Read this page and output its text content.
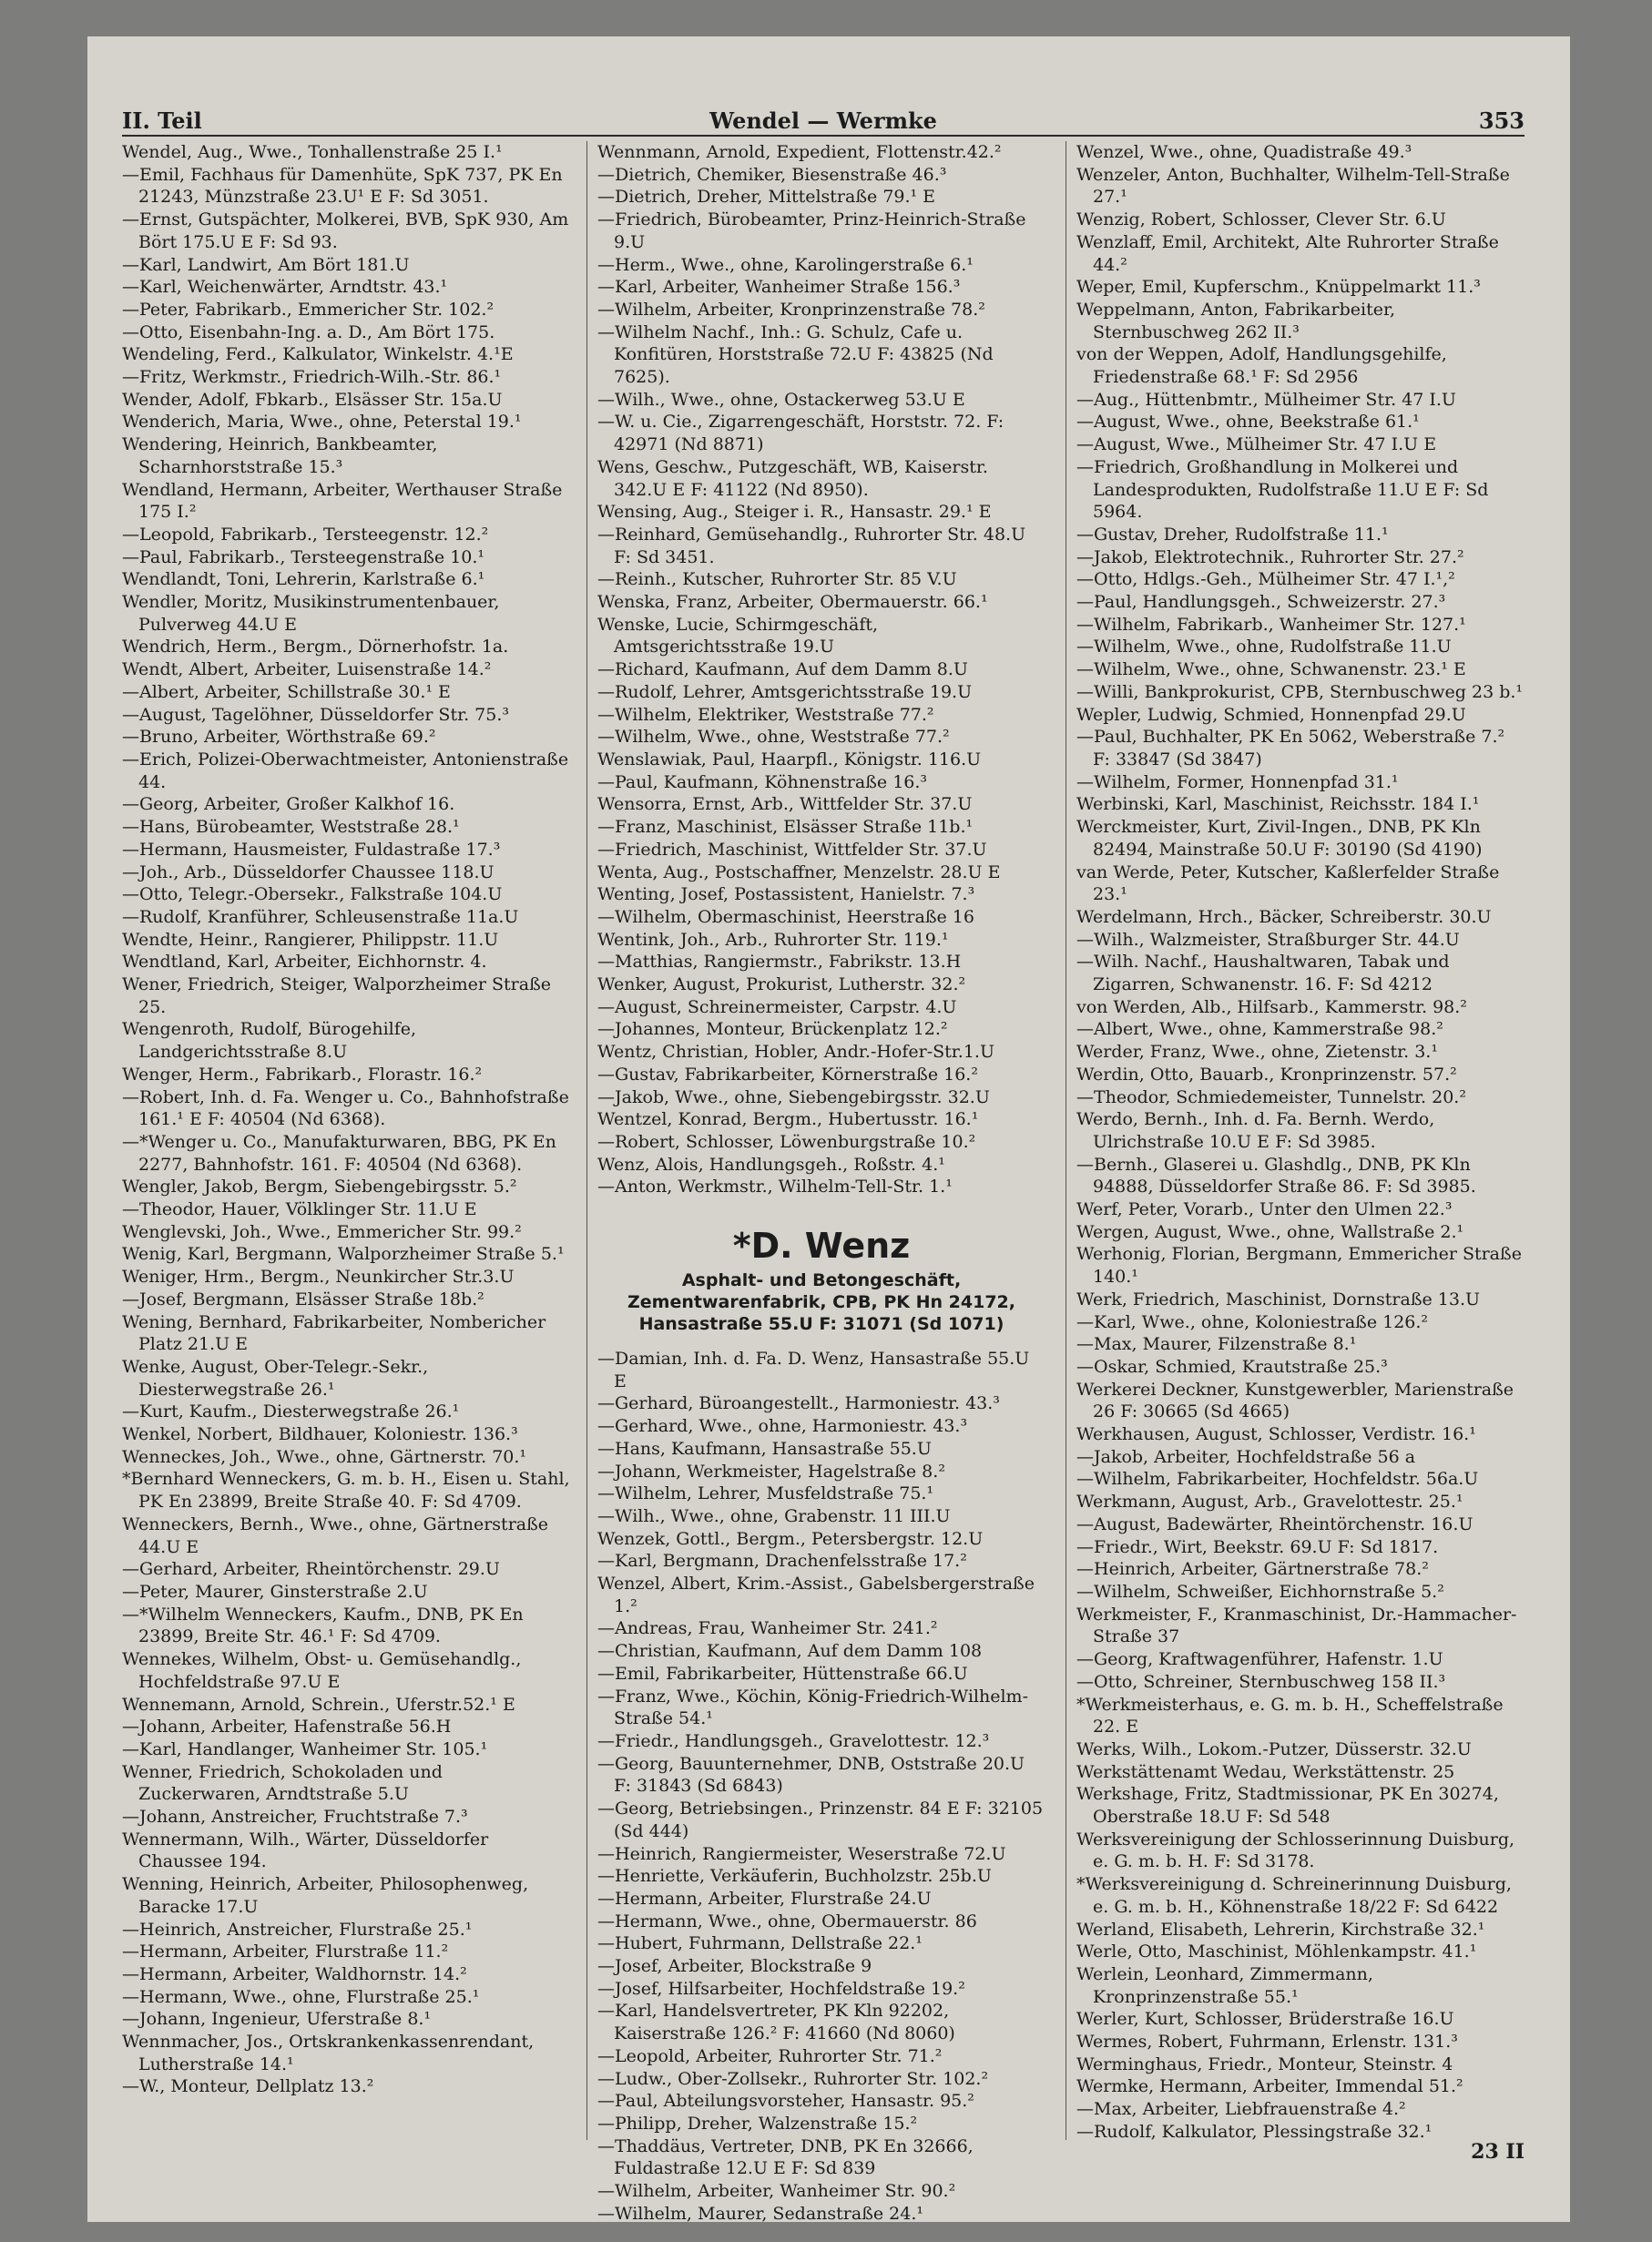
Wendel — Wermke
II. Teil	353
Wendel, Aug., Wwe., Tonhallenstraße 25 I.¹
—Emil, Fachhaus für Damenhüte, SpK 737, PK En 21243, Münzstraße 23.U¹ E F: Sd 3051.
—Ernst, Gutspächter, Molkerei, BVB, SpK 930, Am Bört 175.U E F: Sd 93.
—Karl, Landwirt, Am Bört 181.U
—Karl, Weichenwärter, Arndtstr. 43.¹
—Peter, Fabrikarb., Emmericher Str. 102.²
—Otto, Eisenbahn-Ing. a. D., Am Bört 175.
Wendeling, Ferd., Kalkulator, Winkelstr. 4.¹E
—Fritz, Werkmstr., Friedrich-Wilh.-Str. 86.¹
Wender, Adolf, Fbkarb., Elsässer Str. 15a.U
Wenderich, Maria, Wwe., ohne, Peterstal 19.¹
Wendering, Heinrich, Bankbeamter, Scharnhorststraße 15.³
Wendland, Hermann, Arbeiter, Werthauser Straße 175 I.²
—Leopold, Fabrikarb., Tersteegenstr. 12.²
—Paul, Fabrikarb., Tersteegenstraße 10.¹
Wendlandt, Toni, Lehrerin, Karlstraße 6.¹
Wendler, Moritz, Musikinstrumentenbauer, Pulverweg 44.U E
Wendrich, Herm., Bergm., Dörnerhofstr. 1a.
Wendt, Albert, Arbeiter, Luisenstraße 14.²
—Albert, Arbeiter, Schillstraße 30.¹ E
—August, Tagelöhner, Düsseldorfer Str. 75.³
—Bruno, Arbeiter, Wörthstraße 69.²
—Erich, Polizei-Oberwachtmeister, Antonienstraße 44.
—Georg, Arbeiter, Großer Kalkhof 16.
—Hans, Bürobeamter, Weststraße 28.¹
—Hermann, Hausmeister, Fuldastraße 17.³
—Joh., Arb., Düsseldorfer Chaussee 118.U
—Otto, Telegr.-Obersekr., Falkstraße 104.U
—Rudolf, Kranführer, Schleusenstraße 11a.U
Wendte, Heinr., Rangierer, Philippstr. 11.U
Wendtland, Karl, Arbeiter, Eichhornstr. 4.
Wener, Friedrich, Steiger, Walporzheimer Straße 25.
Wengenroth, Rudolf, Bürogehilfe, Landgerichtsstraße 8.U
Wenger, Herm., Fabrikarb., Florastr. 16.²
—Robert, Inh. d. Fa. Wenger u. Co., Bahnhofstraße 161.¹ E F: 40504 (Nd 6368).
—*Wenger u. Co., Manufakturwaren, BBG, PK En 2277, Bahnhofstr. 161. F: 40504 (Nd 6368).
Wengler, Jakob, Bergm, Siebengebirgsstr. 5.²
—Theodor, Hauer, Völklinger Str. 11.U E
Wenglevski, Joh., Wwe., Emmericher Str. 99.²
Wenig, Karl, Bergmann, Walporzheimer Straße 5.¹
Weniger, Hrm., Bergm., Neunkircher Str.3.U
—Josef, Bergmann, Elsässer Straße 18b.²
Wening, Bernhard, Fabrikarbeiter, Nombericher Platz 21.U E
Wenke, August, Ober-Telegr.-Sekr., Diesterwegstraße 26.¹
—Kurt, Kaufm., Diesterwegstraße 26.¹
Wenkel, Norbert, Bildhauer, Koloniestr. 136.³
Wenneckes, Joh., Wwe., ohne, Gärtnerstr. 70.¹
*Bernhard Wenneckers, G. m. b. H., Eisen u. Stahl, PK En 23899, Breite Straße 40. F: Sd 4709.
Wenneckers, Bernh., Wwe., ohne, Gärtnerstraße 44.U E
—Gerhard, Arbeiter, Rheintörchenstr. 29.U
—Peter, Maurer, Ginsterstraße 2.U
—*Wilhelm Wenneckers, Kaufm., DNB, PK En 23899, Breite Str. 46.¹ F: Sd 4709.
Wennekes, Wilhelm, Obst- u. Gemüsehandlg., Hochfeldstraße 97.U E
Wennemann, Arnold, Schrein., Uferstr.52.¹ E
—Johann, Arbeiter, Hafenstraße 56.H
—Karl, Handlanger, Wanheimer Str. 105.¹
Wenner, Friedrich, Schokoladen und Zuckerwaren, Arndtstraße 5.U
—Johann, Anstreicher, Fruchtstraße 7.³
Wennermann, Wilh., Wärter, Düsseldorfer Chaussee 194.
Wenning, Heinrich, Arbeiter, Philosophenweg, Baracke 17.U
—Heinrich, Anstreicher, Flurstraße 25.¹
—Hermann, Arbeiter, Flurstraße 11.²
—Hermann, Arbeiter, Waldhornstr. 14.²
—Hermann, Wwe., ohne, Flurstraße 25.¹
—Johann, Ingenieur, Uferstraße 8.¹
Wennmacher, Jos., Ortskrankenkassenrendant, Lutherstraße 14.¹
—W., Monteur, Dellplatz 13.²
Wennmann, Arnold, Expedient, Flottenstr.42.²
—Dietrich, Chemiker, Biesenstraße 46.³
—Dietrich, Dreher, Mittelstraße 79.¹ E
—Friedrich, Bürobeamter, Prinz-Heinrich-Straße 9.U
—Herm., Wwe., ohne, Karolingerstraße 6.¹
—Karl, Arbeiter, Wanheimer Straße 156.³
—Wilhelm, Arbeiter, Kronprinzenstraße 78.²
—Wilhelm Nachf., Inh.: G. Schulz, Cafe u. Konfitüren, Horststraße 72.U F: 43825 (Nd 7625).
—Wilh., Wwe., ohne, Ostackerweg 53.U E
—W. u. Cie., Zigarrengeschäft, Horststr. 72. F: 42971 (Nd 8871)
Wens, Geschw., Putzgeschäft, WB, Kaiserstr. 342.U E F: 41122 (Nd 8950).
Wensing, Aug., Steiger i. R., Hansastr. 29.¹ E
—Reinhard, Gemüsehandlg., Ruhrorter Str. 48.U F: Sd 3451.
—Reinh., Kutscher, Ruhrorter Str. 85 V.U
Wenska, Franz, Arbeiter, Obermauerstr. 66.¹
Wenske, Lucie, Schirmgeschäft, Amtsgerichtsstraße 19.U
—Richard, Kaufmann, Auf dem Damm 8.U
—Rudolf, Lehrer, Amtsgerichtsstraße 19.U
—Wilhelm, Elektriker, Weststraße 77.²
—Wilhelm, Wwe., ohne, Weststraße 77.²
Wenslawiak, Paul, Haarpfl., Königstr. 116.U
—Paul, Kaufmann, Köhnenstraße 16.³
Wensorra, Ernst, Arb., Wittfelder Str. 37.U
—Franz, Maschinist, Elsässer Straße 11b.¹
—Friedrich, Maschinist, Wittfelder Str. 37.U
Wenta, Aug., Postschaffner, Menzelstr. 28.U E
Wenting, Josef, Postassistent, Hanielstr. 7.³
—Wilhelm, Obermaschinist, Heerstraße 16
Wentink, Joh., Arb., Ruhrorter Str. 119.¹
—Matthias, Rangiermstr., Fabrikstr. 13.H
Wenker, August, Prokurist, Lutherstr. 32.²
—August, Schreinermeister, Carpstr. 4.U
—Johannes, Monteur, Brückenplatz 12.²
Wentz, Christian, Hobler, Andr.-Hofer-Str.1.U
—Gustav, Fabrikarbeiter, Körnerstraße 16.²
—Jakob, Wwe., ohne, Siebengebirgsstr. 32.U
Wentzel, Konrad, Bergm., Hubertusstr. 16.¹
—Robert, Schlosser, Löwenburgstraße 10.²
Wenz, Alois, Handlungsgeh., Roßstr. 4.¹
—Anton, Werkmstr., Wilhelm-Tell-Str. 1.¹
*D. Wenz
Asphalt- und Betongeschäft,
Zementwarenfabrik, CPB, PK Hn 24172,
Hansastraße 55.U F: 31071 (Sd 1071)
—Damian, Inh. d. Fa. D. Wenz, Hansastraße 55.U E
—Gerhard, Büroangestellt., Harmoniestr. 43.³
—Gerhard, Wwe., ohne, Harmoniestr. 43.³
—Hans, Kaufmann, Hansastraße 55.U
—Johann, Werkmeister, Hagelstraße 8.²
—Wilhelm, Lehrer, Musfeldstraße 75.¹
—Wilh., Wwe., ohne, Grabenstr. 11 III.U
Wenzek, Gottl., Bergm., Petersbergstr. 12.U
—Karl, Bergmann, Drachenfelsstraße 17.²
Wenzel, Albert, Krim.-Assist., Gabelsbergerstraße 1.²
—Andreas, Frau, Wanheimer Str. 241.²
—Christian, Kaufmann, Auf dem Damm 108
—Emil, Fabrikarbeiter, Hüttenstraße 66.U
—Franz, Wwe., Köchin, König-Friedrich-Wilhelm-Straße 54.¹
—Friedr., Handlungsgeh., Gravelottestr. 12.³
—Georg, Bauunternehmer, DNB, Oststraße 20.U F: 31843 (Sd 6843)
—Georg, Betriebsingen., Prinzenstr. 84 E F: 32105 (Sd 444)
—Heinrich, Rangiermeister, Weserstraße 72.U
—Henriette, Verkäuferin, Buchholzstr. 25b.U
—Hermann, Arbeiter, Flurstraße 24.U
—Hermann, Wwe., ohne, Obermauerstr. 86
—Hubert, Fuhrmann, Dellstraße 22.¹
—Josef, Arbeiter, Blockstraße 9
—Josef, Hilfsarbeiter, Hochfeldstraße 19.²
—Karl, Handelsvertreter, PK Kln 92202, Kaiserstraße 126.² F: 41660 (Nd 8060)
—Leopold, Arbeiter, Ruhrorter Str. 71.²
—Ludw., Ober-Zollsekr., Ruhrorter Str. 102.²
—Paul, Abteilungsvorsteher, Hansastr. 95.²
—Philipp, Dreher, Walzenstraße 15.²
—Thaddäus, Vertreter, DNB, PK En 32666, Fuldastraße 12.U E F: Sd 839
—Wilhelm, Arbeiter, Wanheimer Str. 90.²
—Wilhelm, Maurer, Sedanstraße 24.¹
Wenzel, Wwe., ohne, Quadistraße 49.³
Wenzeler, Anton, Buchhalter, Wilhelm-Tell-Straße 27.¹
Wenzig, Robert, Schlosser, Clever Str. 6.U
Wenzlaff, Emil, Architekt, Alte Ruhrorter Straße 44.²
Weper, Emil, Kupferschm., Knüppelmarkt 11.³
Weppelmann, Anton, Fabrikarbeiter, Sternbuschweg 262 II.³
von der Weppen, Adolf, Handlungsgehilfe, Friedenstraße 68.¹ F: Sd 2956
—Aug., Hüttenbmtr., Mülheimer Str. 47 I.U
—August, Wwe., ohne, Beekstraße 61.¹
—August, Wwe., Mülheimer Str. 47 I.U E
—Friedrich, Großhandlung in Molkerei und Landesprodukten, Rudolfstraße 11.U E F: Sd 5964.
—Gustav, Dreher, Rudolfstraße 11.¹
—Jakob, Elektrotechnik., Ruhrorter Str. 27.²
—Otto, Hdlgs.-Geh., Mülheimer Str. 47 I.¹,²
—Paul, Handlungsgeh., Schweizerstr. 27.³
—Wilhelm, Fabrikarb., Wanheimer Str. 127.¹
—Wilhelm, Wwe., ohne, Rudolfstraße 11.U
—Wilhelm, Wwe., ohne, Schwanenstr. 23.¹ E
—Willi, Bankprokurist, CPB, Sternbuschweg 23 b.¹
Wepler, Ludwig, Schmied, Honnenpfad 29.U
—Paul, Buchhalter, PK En 5062, Weberstraße 7.² F: 33847 (Sd 3847)
—Wilhelm, Former, Honnenpfad 31.¹
Werbinski, Karl, Maschinist, Reichsstr. 184 I.¹
Werckmeister, Kurt, Zivil-Ingen., DNB, PK Kln 82494, Mainstraße 50.U F: 30190 (Sd 4190)
van Werde, Peter, Kutscher, Kaßlerfelder Straße 23.¹
Werdelmann, Hrch., Bäcker, Schreiberstr. 30.U
—Wilh., Walzmeister, Straßburger Str. 44.U
—Wilh. Nachf., Haushaltwaren, Tabak und Zigarren, Schwanenstr. 16. F: Sd 4212
von Werden, Alb., Hilfsarb., Kammerstr. 98.²
—Albert, Wwe., ohne, Kammerstraße 98.²
Werder, Franz, Wwe., ohne, Zietenstr. 3.¹
Werdin, Otto, Bauarb., Kronprinzenstr. 57.²
—Theodor, Schmiedemeister, Tunnelstr. 20.²
Werdo, Bernh., Inh. d. Fa. Bernh. Werdo, Ulrichstraße 10.U E F: Sd 3985.
—Bernh., Glaserei u. Glashdlg., DNB, PK Kln 94888, Düsseldorfer Straße 86. F: Sd 3985.
Werf, Peter, Vorarb., Unter den Ulmen 22.³
Wergen, August, Wwe., ohne, Wallstraße 2.¹
Werhonig, Florian, Bergmann, Emmericher Straße 140.¹
Werk, Friedrich, Maschinist, Dornstraße 13.U
—Karl, Wwe., ohne, Koloniestraße 126.²
—Max, Maurer, Filzenstraße 8.¹
—Oskar, Schmied, Krautstraße 25.³
Werkerei Deckner, Kunstgewerbler, Marienstraße 26 F: 30665 (Sd 4665)
Werkhausen, August, Schlosser, Verdistr. 16.¹
—Jakob, Arbeiter, Hochfeldstraße 56 a
—Wilhelm, Fabrikarbeiter, Hochfeldstr. 56a.U
Werkmann, August, Arb., Gravelottestr. 25.¹
—August, Badewärter, Rheintörchenstr. 16.U
—Friedr., Wirt, Beekstr. 69.U F: Sd 1817.
—Heinrich, Arbeiter, Gärtnerstraße 78.²
—Wilhelm, Schweißer, Eichhornstraße 5.²
Werkmeister, F., Kranmaschinist, Dr.-Hammacher-Straße 37
—Georg, Kraftwagenführer, Hafenstr. 1.U
—Otto, Schreiner, Sternbuschweg 158 II.³
*Werkmeisterhaus, e. G. m. b. H., Scheffelstraße 22. E
Werks, Wilh., Lokom.-Putzer, Düsserstr. 32.U
Werkstättenamt Wedau, Werkstättenstr. 25
Werkshage, Fritz, Stadtmissionar, PK En 30274, Oberstraße 18.U F: Sd 548
Werksvereinigung der Schlosserinnung Duisburg, e. G. m. b. H. F: Sd 3178.
*Werksvereinigung d. Schreinerinnung Duisburg, e. G. m. b. H., Köhnenstraße 18/22 F: Sd 6422
Werland, Elisabeth, Lehrerin, Kirchstraße 32.¹
Werle, Otto, Maschinist, Möhlenkampstr. 41.¹
Werlein, Leonhard, Zimmermann, Kronprinzenstraße 55.¹
Werler, Kurt, Schlosser, Brüderstraße 16.U
Wermes, Robert, Fuhrmann, Erlenstr. 131.³
Werminghaus, Friedr., Monteur, Steinstr. 4
Wermke, Hermann, Arbeiter, Immendal 51.²
—Max, Arbeiter, Liebfrauenstraße 4.²
—Rudolf, Kalkulator, Plessingstraße 32.¹
23 II
